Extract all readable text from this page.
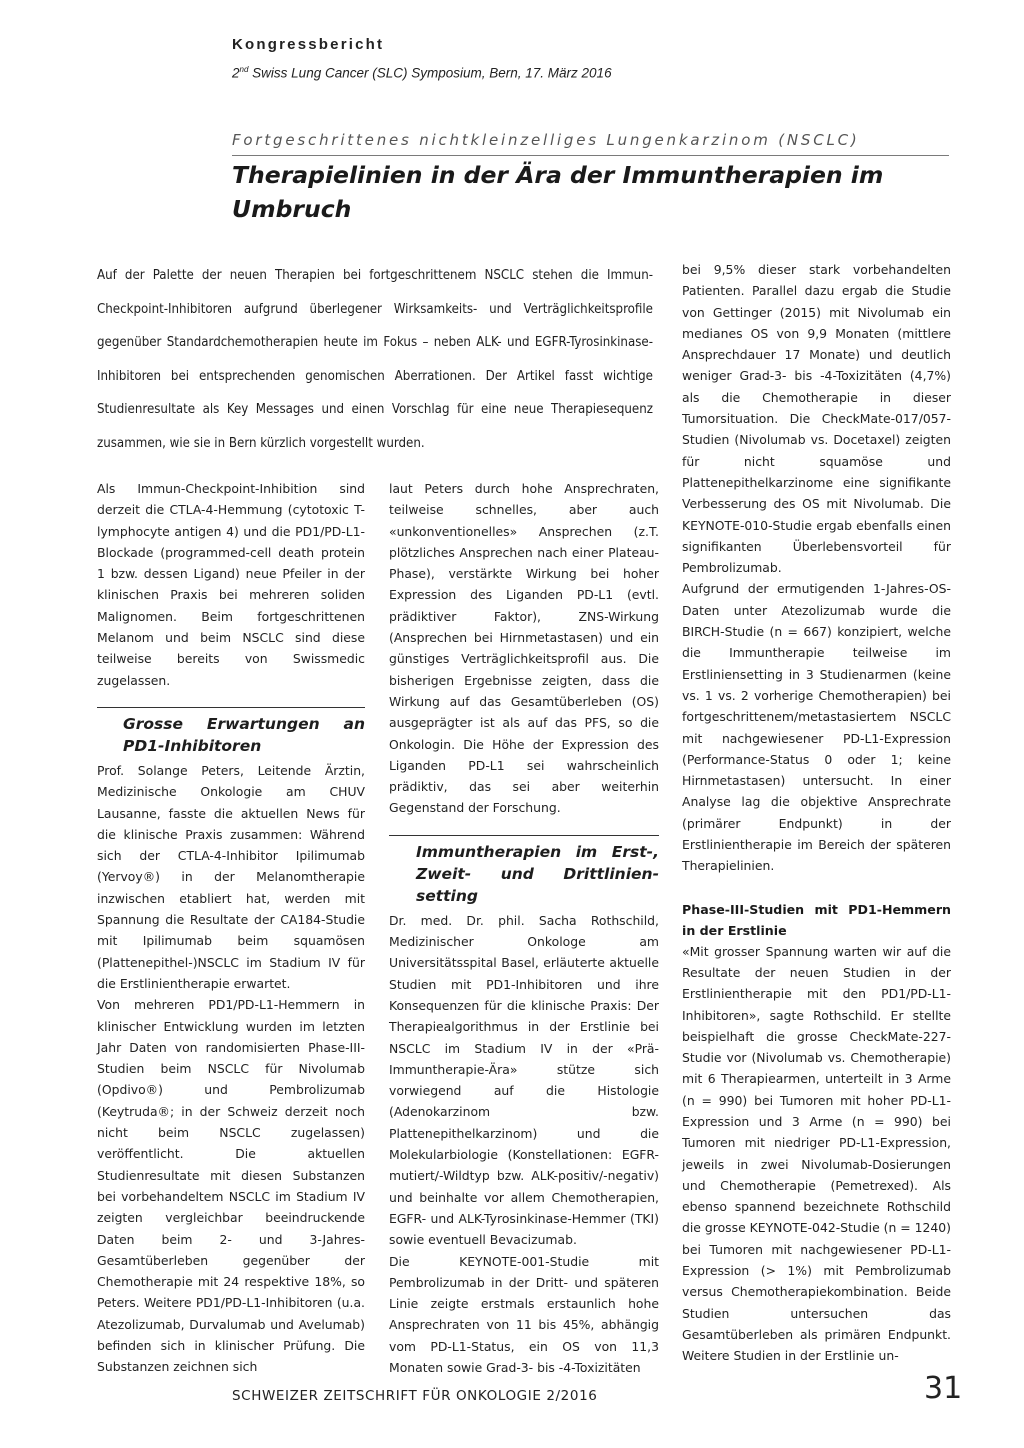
Kongressbericht
2nd Swiss Lung Cancer (SLC) Symposium, Bern, 17. März 2016
Fortgeschrittenes nichtkleinzelliges Lungenkarzinom (NSCLC)
Therapielinien in der Ära der Immuntherapien im Umbruch
Auf der Palette der neuen Therapien bei fortgeschrittenem NSCLC stehen die Immun-Checkpoint-Inhibitoren aufgrund überlegener Wirksamkeits- und Verträglichkeitsprofile gegenüber Standardchemotherapien heute im Fokus – neben ALK- und EGFR-Tyrosinkinase-Inhibitoren bei entsprechenden genomischen Aberrationen. Der Artikel fasst wichtige Studienresultate als Key Messages und einen Vorschlag für eine neue Therapiesequenz zusammen, wie sie in Bern kürzlich vorgestellt wurden.

Als Immun-Checkpoint-Inhibition sind derzeit die CTLA-4-Hemmung (cytotoxic T-lymphocyte antigen 4) und die PD1/PD-L1-Blockade (programmed-cell death protein 1 bzw. dessen Ligand) neue Pfeiler in der klinischen Praxis bei mehreren soliden Malignomen. Beim fortgeschrittenen Melanom und beim NSCLC sind diese teilweise bereits von Swissmedic zugelassen.

Grosse Erwartungen an PD1-Inhibitoren

Prof. Solange Peters, Leitende Ärztin, Medizinische Onkologie am CHUV Lausanne, fasste die aktuellen News für die klinische Praxis zusammen: Während sich der CTLA-4-Inhibitor Ipilimumab (Yervoy®) in der Melanomtherapie inzwischen etabliert hat, werden mit Spannung die Resultate der CA184-Studie mit Ipilimumab beim squamösen (Plattenepithel-)NSCLC im Stadium IV für die Erstlinientherapie erwartet.

Von mehreren PD1/PD-L1-Hemmern in klinischer Entwicklung wurden im letzten Jahr Daten von randomisierten Phase-III-Studien beim NSCLC für Nivolumab (Opdivo®) und Pembrolizumab (Keytruda®; in der Schweiz derzeit noch nicht beim NSCLC zugelassen) veröffentlicht. Die aktuellen Studienresultate mit diesen Substanzen bei vorbehandeltem NSCLC im Stadium IV zeigten vergleichbar beeindruckende Daten beim 2- und 3-Jahres-Gesamtüberleben gegenüber der Chemotherapie mit 24 respektive 18%, so Peters. Weitere PD1/PD-L1-Inhibitoren (u.a. Atezolizumab, Durvalumab und Avelumab) befinden sich in klinischer Prüfung. Die Substanzen zeichnen sich

laut Peters durch hohe Ansprechraten, teilweise schnelles, aber auch «unkonventionelles» Ansprechen (z.T. plötzliches Ansprechen nach einer Plateau-Phase), verstärkte Wirkung bei hoher Expression des Liganden PD-L1 (evtl. prädiktiver Faktor), ZNS-Wirkung (Ansprechen bei Hirnmetastasen) und ein günstiges Verträglichkeitsprofil aus. Die bisherigen Ergebnisse zeigten, dass die Wirkung auf das Gesamtüberleben (OS) ausgeprägter ist als auf das PFS, so die Onkologin. Die Höhe der Expression des Liganden PD-L1 sei wahrscheinlich prädiktiv, das sei aber weiterhin Gegenstand der Forschung.

Immuntherapien im Erst-, Zweit- und Drittlinien-setting

Dr. med. Dr. phil. Sacha Rothschild, Medizinischer Onkologe am Universitätsspital Basel, erläuterte aktuelle Studien mit PD1-Inhibitoren und ihre Konsequenzen für die klinische Praxis: Der Therapiealgorithmus in der Erstlinie bei NSCLC im Stadium IV in der «Prä-Immuntherapie-Ära» stütze sich vorwiegend auf die Histologie (Adenokarzinom bzw. Plattenepithelkarzinom) und die Molekularbiologie (Konstellationen: EGFR-mutiert/-Wildtyp bzw. ALK-positiv/-negativ) und beinhalte vor allem Chemotherapien, EGFR- und ALK-Tyrosinkinase-Hemmer (TKI) sowie eventuell Bevacizumab.

Die KEYNOTE-001-Studie mit Pembrolizumab in der Dritt- und späteren Linie zeigte erstmals erstaunlich hohe Ansprechraten von 11 bis 45%, abhängig vom PD-L1-Status, ein OS von 11,3 Monaten sowie Grad-3- bis -4-Toxizitäten

bei 9,5% dieser stark vorbehandelten Patienten. Parallel dazu ergab die Studie von Gettinger (2015) mit Nivolumab ein medianes OS von 9,9 Monaten (mittlere Ansprechdauer 17 Monate) und deutlich weniger Grad-3- bis -4-Toxizitäten (4,7%) als die Chemotherapie in dieser Tumorsituation. Die CheckMate-017/057-Studien (Nivolumab vs. Docetaxel) zeigten für nicht squamöse und Plattenepithelkarzinome eine signifikante Verbesserung des OS mit Nivolumab. Die KEYNOTE-010-Studie ergab ebenfalls einen signifikanten Überlebensvorteil für Pembrolizumab.

Aufgrund der ermutigenden 1-Jahres-OS-Daten unter Atezolizumab wurde die BIRCH-Studie (n = 667) konzipiert, welche die Immuntherapie teilweise im Erstliniensetting in 3 Studienarmen (keine vs. 1 vs. 2 vorherige Chemotherapien) bei fortgeschrittenem/metastasiertem NSCLC mit nachgewiesener PD-L1-Expression (Performance-Status 0 oder 1; keine Hirnmetastasen) untersucht. In einer Analyse lag die objektive Ansprechrate (primärer Endpunkt) in der Erstlinientherapie im Bereich der späteren Therapielinien.

Phase-III-Studien mit PD1-Hemmern in der Erstlinie

«Mit grosser Spannung warten wir auf die Resultate der neuen Studien in der Erstlinientherapie mit den PD1/PD-L1-Inhibitoren», sagte Rothschild. Er stellte beispielhaft die grosse CheckMate-227-Studie vor (Nivolumab vs. Chemotherapie) mit 6 Therapiearmen, unterteilt in 3 Arme (n = 990) bei Tumoren mit hoher PD-L1-Expression und 3 Arme (n = 990) bei Tumoren mit niedriger PD-L1-Expression, jeweils in zwei Nivolumab-Dosierungen und Chemotherapie (Pemetrexed). Als ebenso spannend bezeichnete Rothschild die grosse KEYNOTE-042-Studie (n = 1240) bei Tumoren mit nachgewiesener PD-L1-Expression (> 1%) mit Pembrolizumab versus Chemotherapiekombination. Beide Studien untersuchen das Gesamtüberleben als primären Endpunkt. Weitere Studien in der Erstlinie un-

SCHWEIZER ZEITSCHRIFT FÜR ONKOLOGIE 2/2016	31
